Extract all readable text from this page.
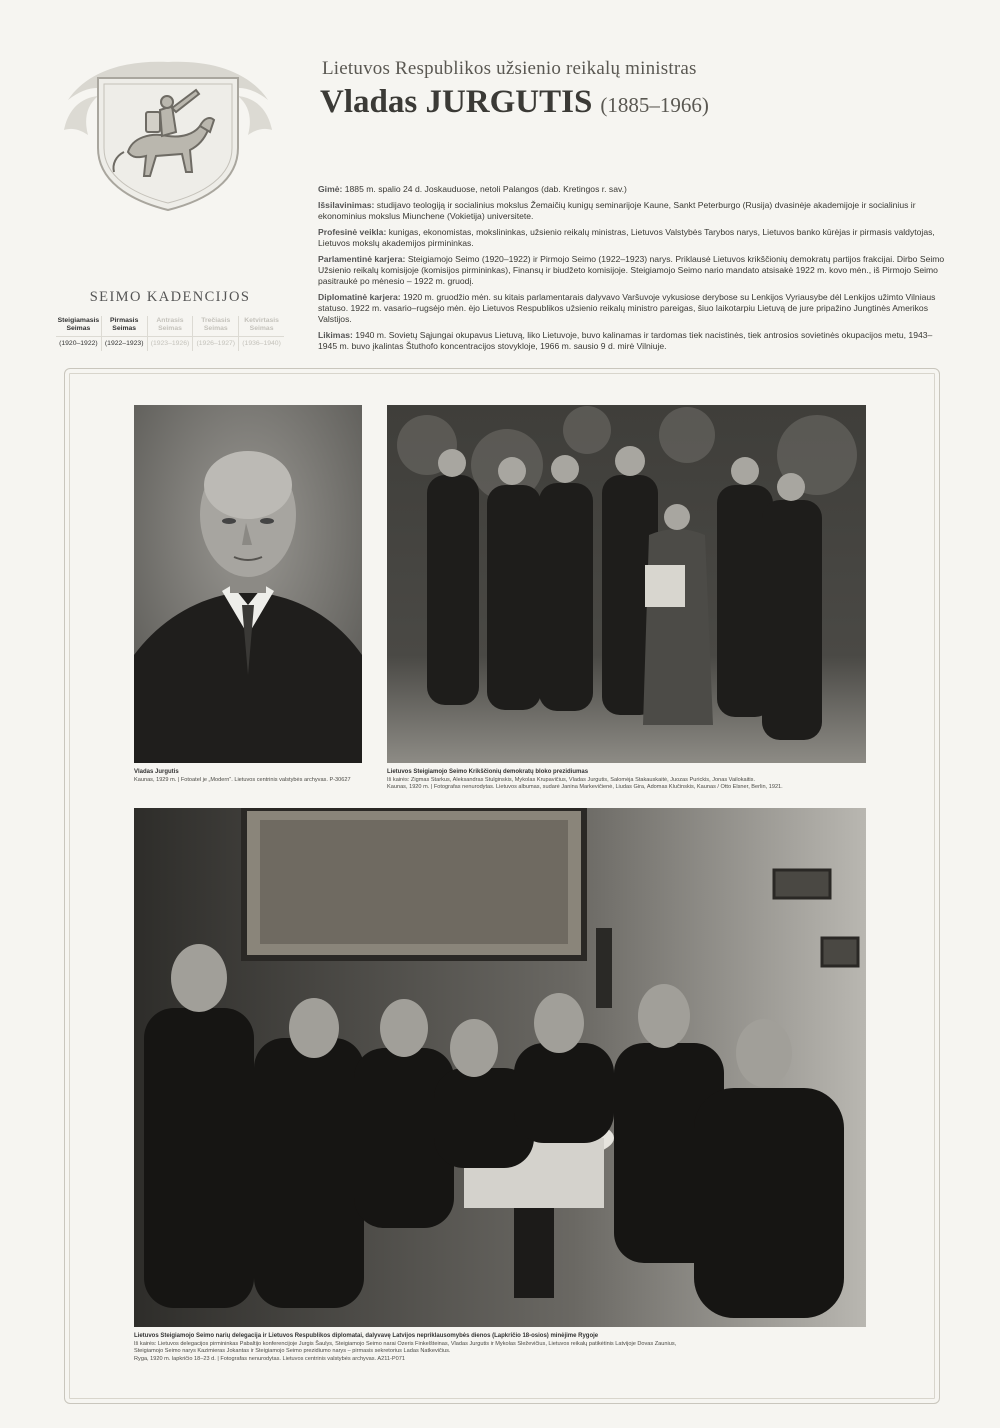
Lietuvos Respublikos užsienio reikalų ministras
Vladas JURGUTIS (1885–1966)

Gimė: 1885 m. spalio 24 d. Joskauduose, netoli Palangos (dab. Kretingos r. sav.)

Išsilavinimas: studijavo teologiją ir socialinius mokslus Žemaičių kunigų seminarijoje Kaune, Sankt Peterburgo (Rusija) dvasinėje akademijoje ir socialinius ir ekonominius mokslus Miunchene (Vokietija) universitete.

Profesinė veikla: kunigas, ekonomistas, mokslininkas, užsienio reikalų ministras, Lietuvos Valstybės Tarybos narys, Lietuvos banko kūrėjas ir pirmasis valdytojas, Lietuvos mokslų akademijos pirmininkas.

Parlamentinė karjera: Steigiamojo Seimo (1920–1922) ir Pirmojo Seimo (1922–1923) narys. Priklausė Lietuvos krikščionių demokratų partijos frakcijai. Dirbo Seimo Užsienio reikalų komisijoje (komisijos pirmininkas), Finansų ir biudžeto komisijoje. Steigiamojo Seimo nario mandato atsisakė 1922 m. kovo mėn., iš Pirmojo Seimo pasitraukė po mėnesio – 1922 m. gruodį.

Diplomatinė karjera: 1920 m. gruodžio mėn. su kitais parlamentarais dalyvavo Varšuvoje vykusiose derybose su Lenkijos Vyriausybe dėl Lenkijos užimto Vilniaus statuso. 1922 m. vasario–rugsėjo mėn. ėjo Lietuvos Respublikos užsienio reikalų ministro pareigas, šiuo laikotarpiu Lietuvą de jure pripažino Jungtinės Amerikos Valstijos.

Likimas: 1940 m. Sovietų Sąjungai okupavus Lietuvą, liko Lietuvoje, buvo kalinamas ir tardomas tiek nacistinės, tiek antrosios sovietinės okupacijos metu, 1943–1945 m. buvo įkalintas Štuthofo koncentracijos stovykloje, 1966 m. sausio 9 d. mirė Vilniuje.

SEIMO KADENCIJOS
Steigiamasis Seimas
(1920–1922)
Pirmasis Seimas
(1922–1923)
Antrasis Seimas
(1923–1926)
Trečiasis Seimas
(1926–1927)
Ketvirtasis Seimas
(1936–1940)
Vladas Jurgutis
Kaunas, 1929 m. | Fotoatel je „Modern“. Lietuvos centrinis valstybės archyvas. P-30627
Lietuvos Steigiamojo Seimo Krikščionių demokratų bloko prezidiumas
Iš kairės: Zigmas Starkus, Aleksandras Stulginskis, Mykolas Krupavičius, Vladas Jurgutis, Salomėja Stakauskaitė, Juozas Purickis, Jonas Vailokaitis.
Kaunas, 1920 m. | Fotografas nenurodytas. Lietuvos albumas, sudarė Janina Markevičienė, Liudas Gira, Adomas Klučinskis, Kaunas / Otto Elsner, Berlin, 1921.
Lietuvos Steigiamojo Seimo narių delegacija ir Lietuvos Respublikos diplomatai, dalyvavę Latvijos nepriklausomybės dienos (Lapkričio 18-osios) minėjime Rygoje
Iš kairės: Lietuvos delegacijos pirmininkas Pabaltijo konferencijoje Jurgis Šaulys, Steigiamojo Seimo narai Ozeris Finkelšteinas, Vladas Jurgutis ir Mykolas Sleževičius, Lietuvos reikalų patikėtinis Latvijoje Dovas Zaunius,
Steigiamojo Seimo narys Kazimieras Jokantas ir Steigiamojo Seimo prezidiumo narys – pirmasis sekretorius Ladas Natkevičius.
Ryga, 1920 m. lapkričio 18–23 d. | Fotografas nenurodytas. Lietuvos centrinis valstybės archyvas. A211-P071
